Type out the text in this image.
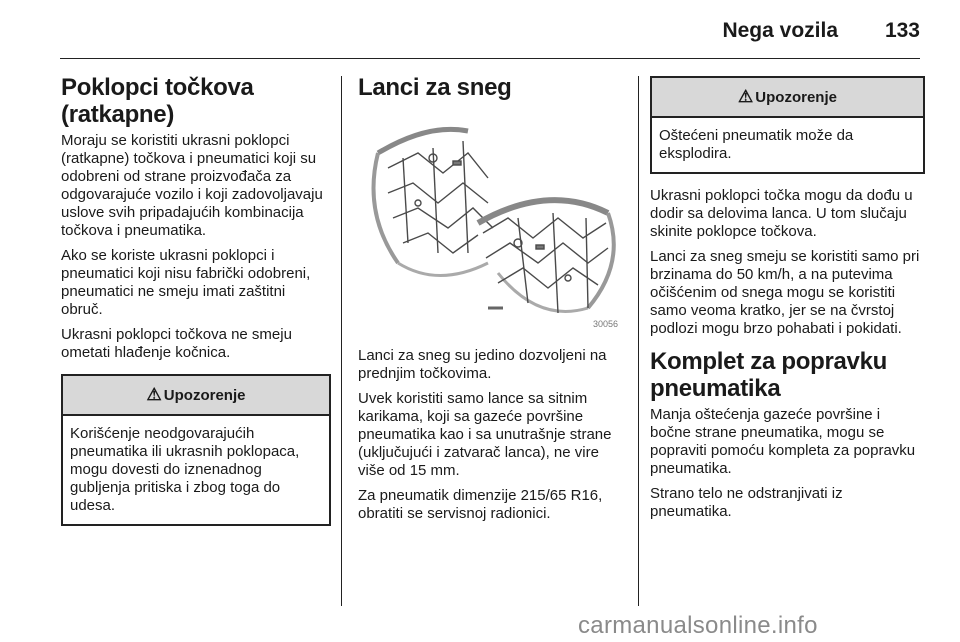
Nega vozila 133
Poklopci točkova (ratkapne)

Moraju se koristiti ukrasni poklopci (ratkapne) točkova i pneumatici koji su odobreni od strane proizvođača za odgovarajuće vozilo i koji zadovoljavaju uslove svih pripadajućih kombinacija točkova i pneumatika.

Ako se koriste ukrasni poklopci i pneumatici koji nisu fabrički odobreni, pneumatici ne smeju imati zaštitni obruč.

Ukrasni poklopci točkova ne smeju ometati hlađenje kočnica.

⚠ Upozorenje
Korišćenje neodgovarajućih pneumatika ili ukrasnih poklopaca, mogu dovesti do iznenadnog gubljenja pritiska i zbog toga do udesa.
Lanci za sneg
30056

Lanci za sneg su jedino dozvoljeni na prednjim točkovima.

Uvek koristiti samo lance sa sitnim karikama, koji sa gazeće površine pneumatika kao i sa unutrašnje strane (uključujući i zatvarač lanca), ne vire više od 15 mm.

Za pneumatik dimenzije 215/65 R16, obratiti se servisnoj radionici.

⚠ Upozorenje
Oštećeni pneumatik može da eksplodira.

Ukrasni poklopci točka mogu da dođu u dodir sa delovima lanca. U tom slučaju skinite poklopce točkova.

Lanci za sneg smeju se koristiti samo pri brzinama do 50 km/h, a na putevima očišćenim od snega mogu se koristiti samo veoma kratko, jer se na čvrstoj podlozi mogu brzo pohabati i pokidati.

Komplet za popravku pneumatika

Manja oštećenja gazeće površine i bočne strane pneumatika, mogu se popraviti pomoću kompleta za popravku pneumatika.

Strano telo ne odstranjivati iz pneumatika.

carmanualsonline.info
